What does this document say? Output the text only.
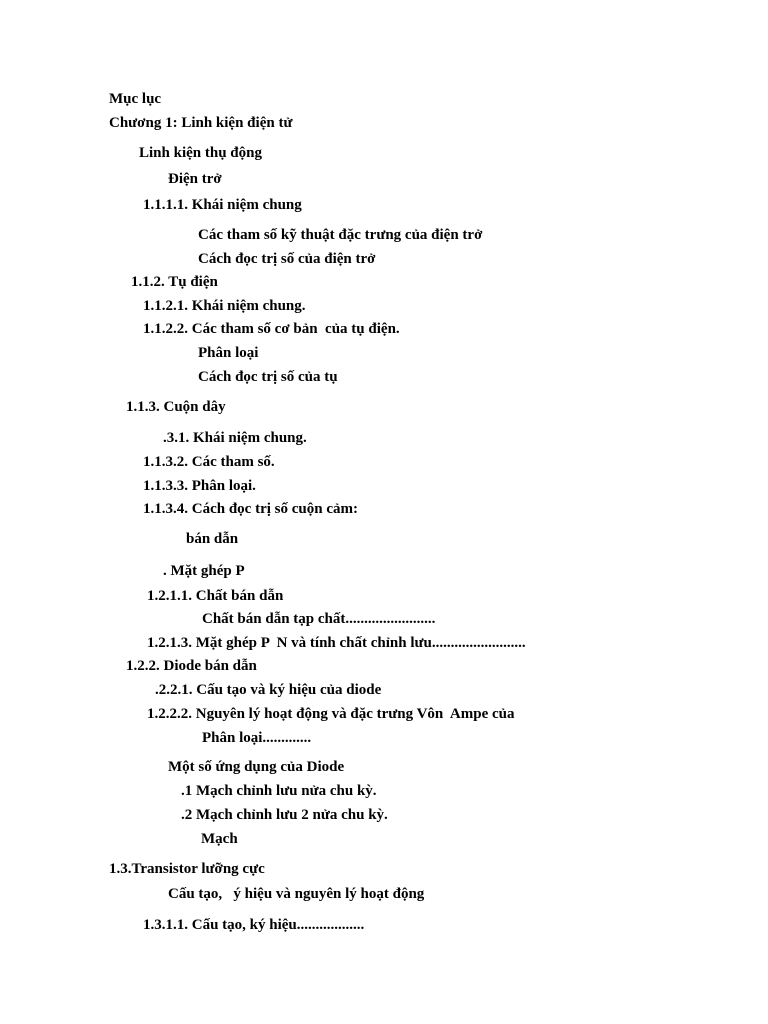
Mục lục
Chương 1: Linh kiện điện tử
Linh kiện thụ động
Điện trở
1.1.1.1. Khái niệm chung
Các tham số kỹ thuật đặc trưng của điện trở
Cách đọc trị số của điện trở
1.1.2. Tụ điện
1.1.2.1. Khái niệm chung.
1.1.2.2. Các tham số cơ bản  của tụ điện.
Phân loại
Cách đọc trị số của tụ
1.1.3. Cuộn dây
.3.1. Khái niệm chung.
1.1.3.2. Các tham số.
1.1.3.3. Phân loại.
1.1.3.4. Cách đọc trị số cuộn cảm:
bán dẫn
. Mặt ghép P
1.2.1.1. Chất bán dẫn
Chất bán dẫn tạp chất........................
1.2.1.3. Mặt ghép P  N và tính chất chỉnh lưu.........................
1.2.2. Diode bán dẫn
.2.2.1. Cấu tạo và ký hiệu của diode
1.2.2.2. Nguyên lý hoạt động và đặc trưng Vôn  Ampe của
Phân loại.............
Một số ứng dụng của Diode
.1 Mạch chỉnh lưu nửa chu kỳ.
.2 Mạch chỉnh lưu 2 nửa chu kỳ.
Mạch
1.3.Transistor lưỡng cực
Cấu tạo,   ý hiệu và nguyên lý hoạt động
1.3.1.1. Cấu tạo, ký hiệu..................
